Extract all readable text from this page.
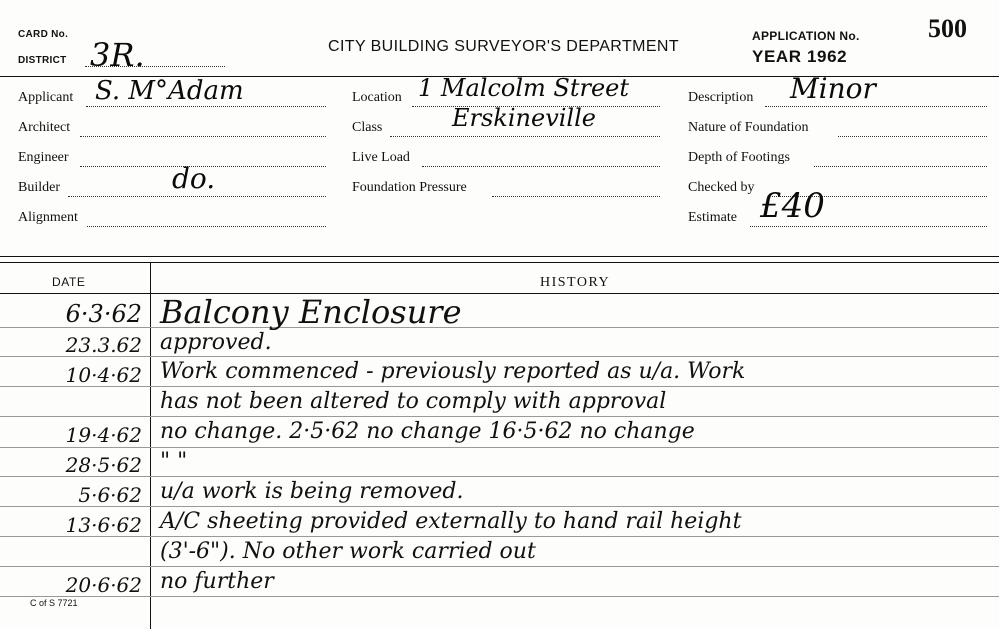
CARD No.
DISTRICT 3R.	CITY BUILDING SURVEYOR'S DEPARTMENT
APPLICATION No.	500
YEAR 1962
Applicant S. M°Adam
Architect
Engineer
Builder	do.
Alignment
Location 1 Malcolm Street
Class	Erskineville
Live Load
Foundation Pressure
Description Minor
Nature of Foundation
Depth of Footings
Checked by
Estimate £40
DATE	HISTORY
6·3·62 Balcony Enclosure
23.3.62 approved.
10·4·62 Work commenced - previously reported as u/a. Work
has not been altered to comply with approval
19·4·62 no change. 2·5·62 no change 16·5·62 no change
28·5·62 " "
5·6·62 u/a work is being removed.
13·6·62 A/C sheeting provided externally to hand rail height
(3'-6"). No other work carried out
20·6·62 no further
C of S 7721
